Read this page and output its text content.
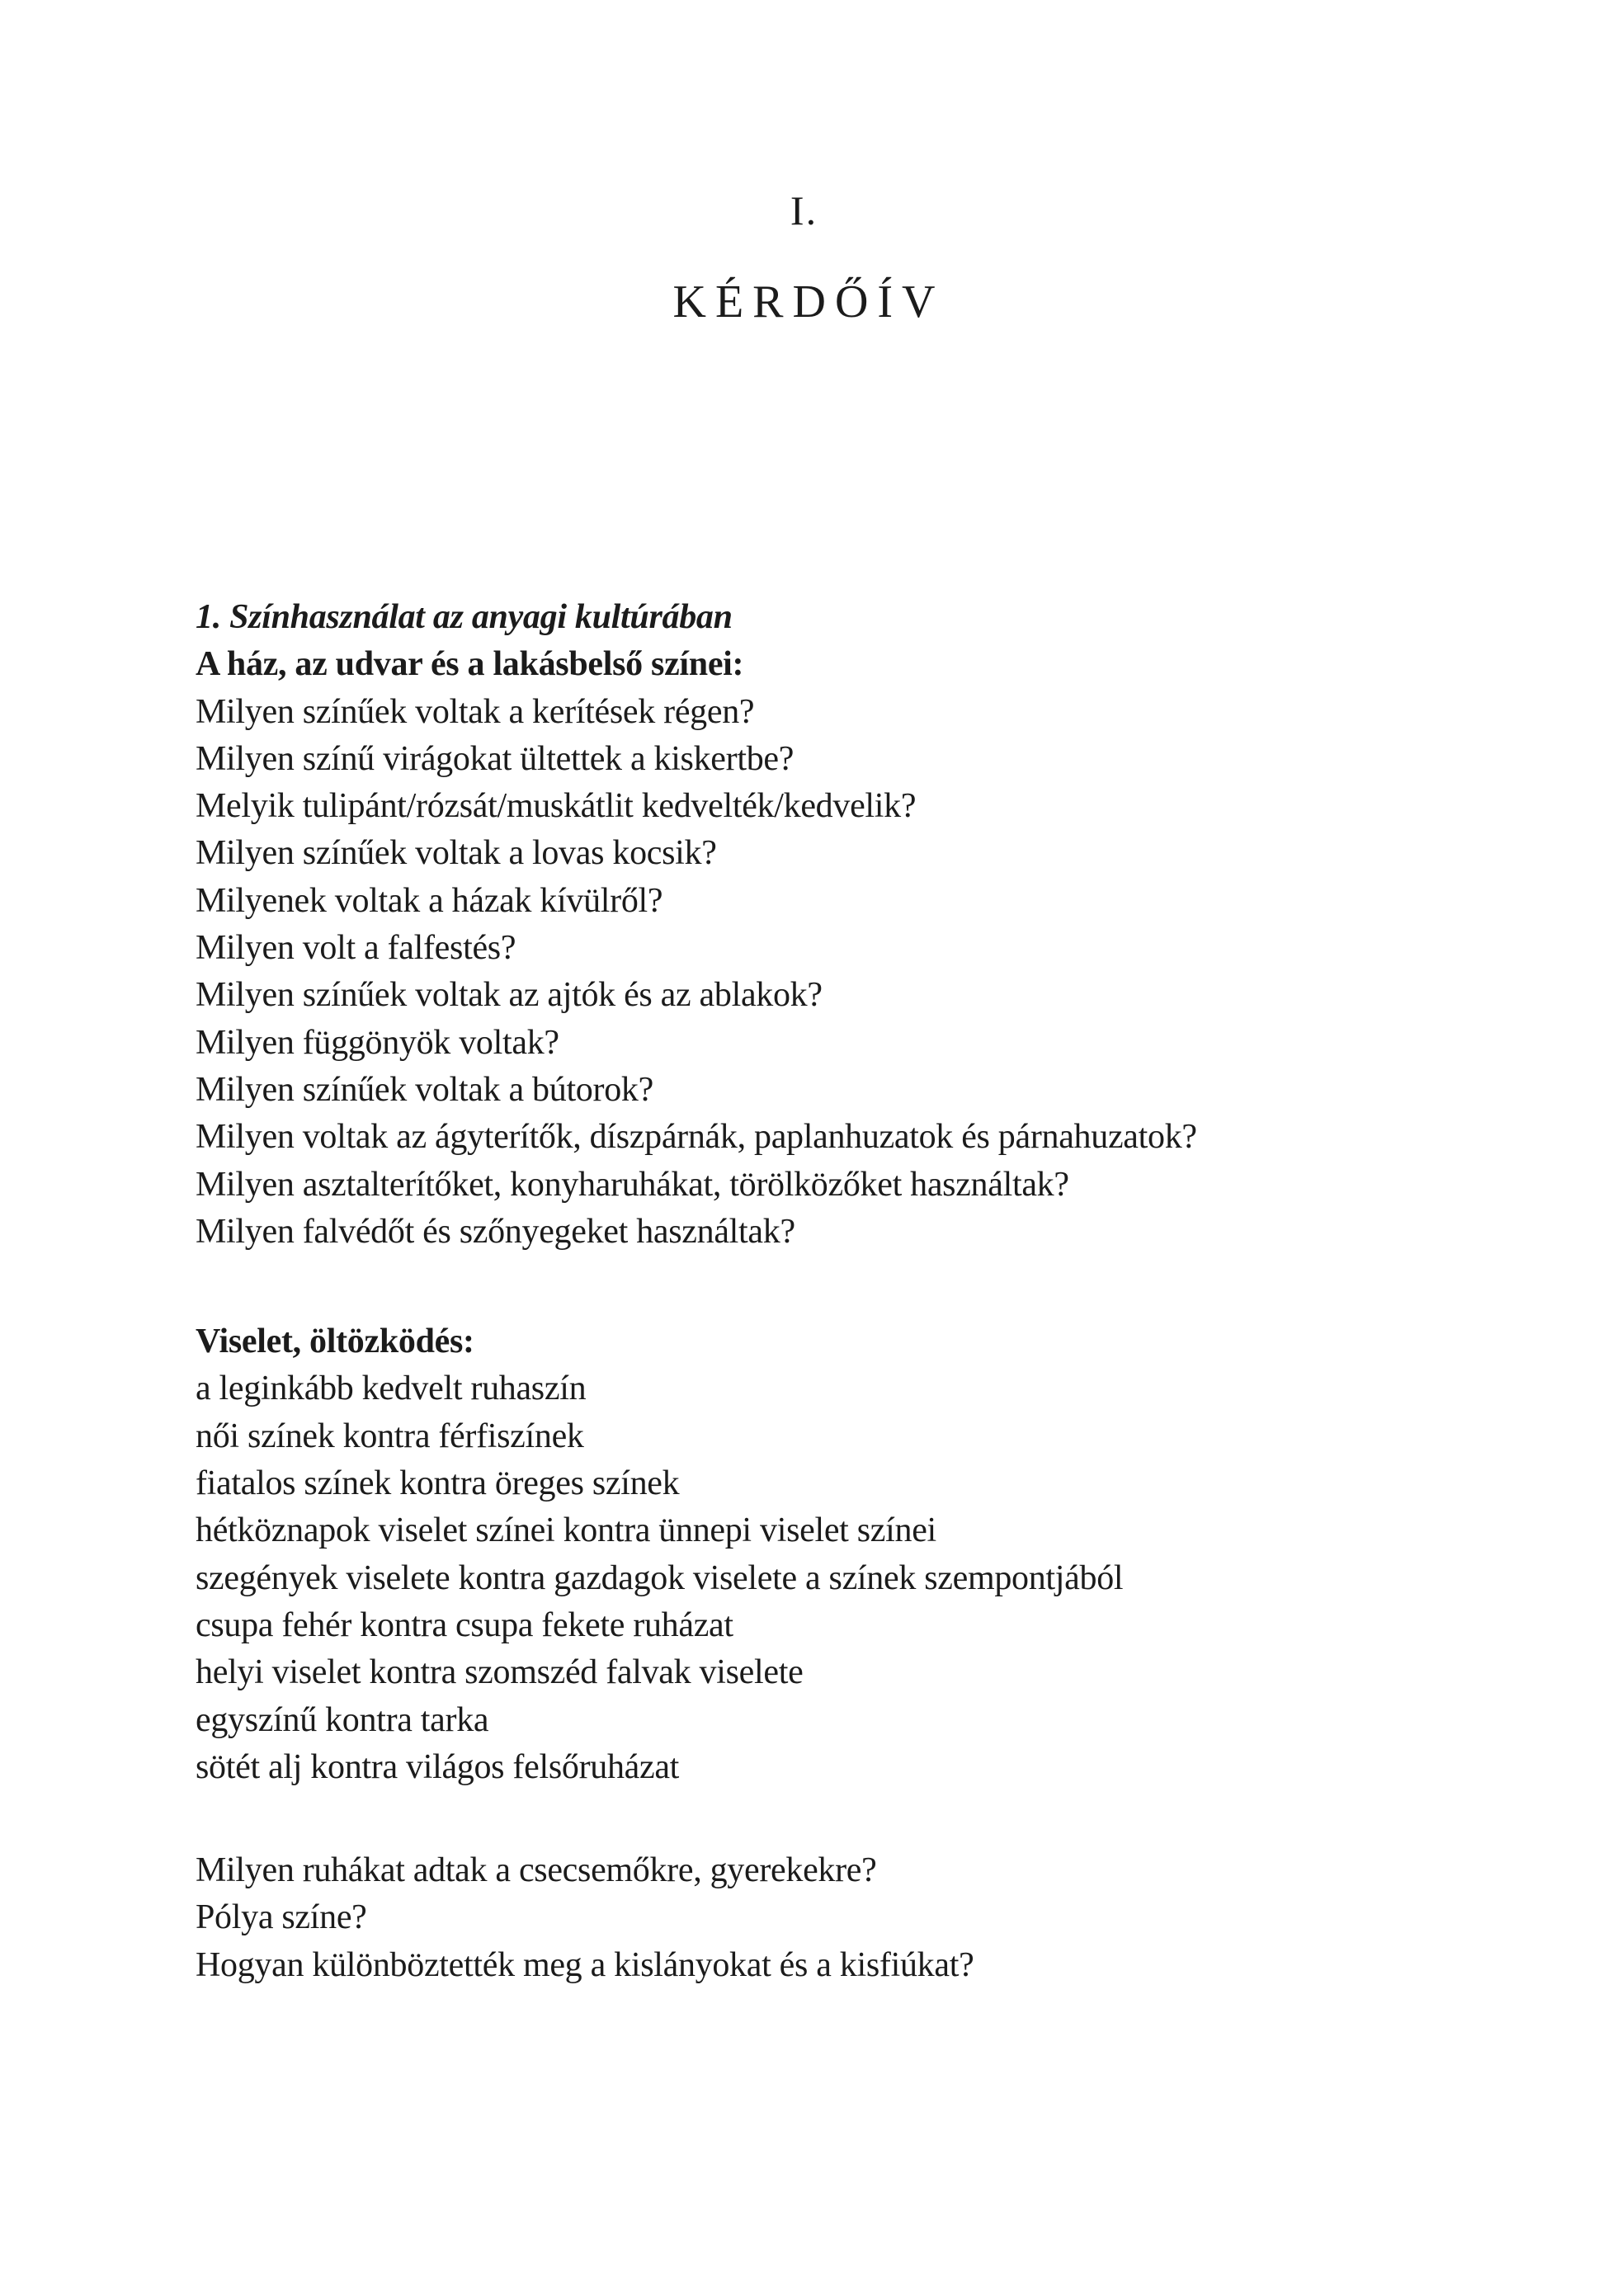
I.
KÉRDŐÍV

1. Színhasználat az anyagi kultúrában

A ház, az udvar és a lakásbelső színei:

Milyen színűek voltak a kerítések régen?

Milyen színű virágokat ültettek a kiskertbe?

Melyik tulipánt/rózsát/muskátlit kedvelték/kedvelik?

Milyen színűek voltak a lovas kocsik?

Milyenek voltak a házak kívülről?

Milyen volt a falfestés?

Milyen színűek voltak az ajtók és az ablakok?

Milyen függönyök voltak?

Milyen színűek voltak a bútorok?

Milyen voltak az ágyterítők, díszpárnák, paplanhuzatok és párnahuzatok?

Milyen asztalterítőket, konyharuhákat, törölközőket használtak?

Milyen falvédőt és szőnyegeket használtak?

Viselet, öltözködés:

a leginkább kedvelt ruhaszín

női színek kontra férfiszínek

fiatalos színek kontra öreges színek

hétköznapok viselet színei kontra ünnepi viselet színei

szegények viselete kontra gazdagok viselete a színek szempontjából

csupa fehér kontra csupa fekete ruházat

helyi viselet kontra szomszéd falvak viselete

egyszínű kontra tarka

sötét alj kontra világos felsőruházat

Milyen ruhákat adtak a csecsemőkre, gyerekekre?

Pólya színe?

Hogyan különböztették meg a kislányokat és a kisfiúkat?
